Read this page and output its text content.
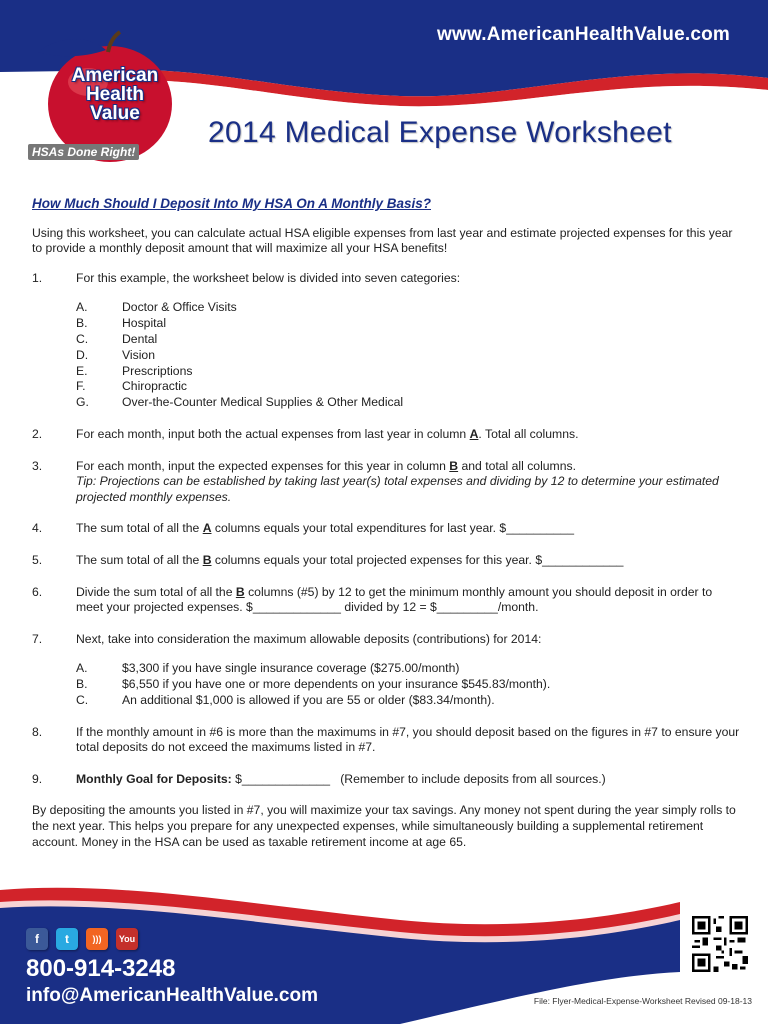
www.AmericanHealthValue.com
American
Health
Value
HSAs Done Right!
2014 Medical Expense Worksheet
How Much Should I Deposit Into My HSA On A Monthly Basis?
Using this worksheet, you can calculate actual HSA eligible expenses from last year and estimate projected expenses for this year to provide a monthly deposit amount that will maximize all your HSA benefits!
1.	For this example, the worksheet below is divided into seven categories:
A.	Doctor & Office Visits
B.	Hospital
C.	Dental
D.	Vision
E.	Prescriptions
F.	Chiropractic
G.	Over-the-Counter Medical Supplies & Other Medical
2.	For each month, input both the actual expenses from last year in column A. Total all columns.
3.	For each month, input the expected expenses for this year in column B and total all columns.
Tip: Projections can be established by taking last year(s) total expenses and dividing by 12 to determine your estimated projected monthly expenses.
4.	The sum total of all the A columns equals your total expenditures for last year. $__________
5.	The sum total of all the B columns equals your total projected expenses for this year. $____________
6.	Divide the sum total of all the B columns (#5) by 12 to get the minimum monthly amount you should deposit in order to meet your projected expenses. $_____________ divided by 12 = $_________/month.
7.	Next, take into consideration the maximum allowable deposits (contributions) for 2014:
A.	$3,300 if you have single insurance coverage ($275.00/month)
B.	$6,550 if you have one or more dependents on your insurance $545.83/month).
C.	An additional $1,000 is allowed if you are 55 or older ($83.34/month).
8.	If the monthly amount in #6 is more than the maximums in #7, you should deposit based on the figures in #7 to ensure your total deposits do not exceed the maximums listed in #7.
9.	Monthly Goal for Deposits: $_____________ (Remember to include deposits from all sources.)
By depositing the amounts you listed in #7, you will maximize your tax savings. Any money not spent during the year simply rolls to the next year. This helps you prepare for any unexpected expenses, while simultaneously building a supplemental retirement account. Money in the HSA can be used as taxable retirement income at age 65.
f	t	)))	You
800-914-3248
info@AmericanHealthValue.com	File: Flyer-Medical-Expense-Worksheet Revised 09-18-13
